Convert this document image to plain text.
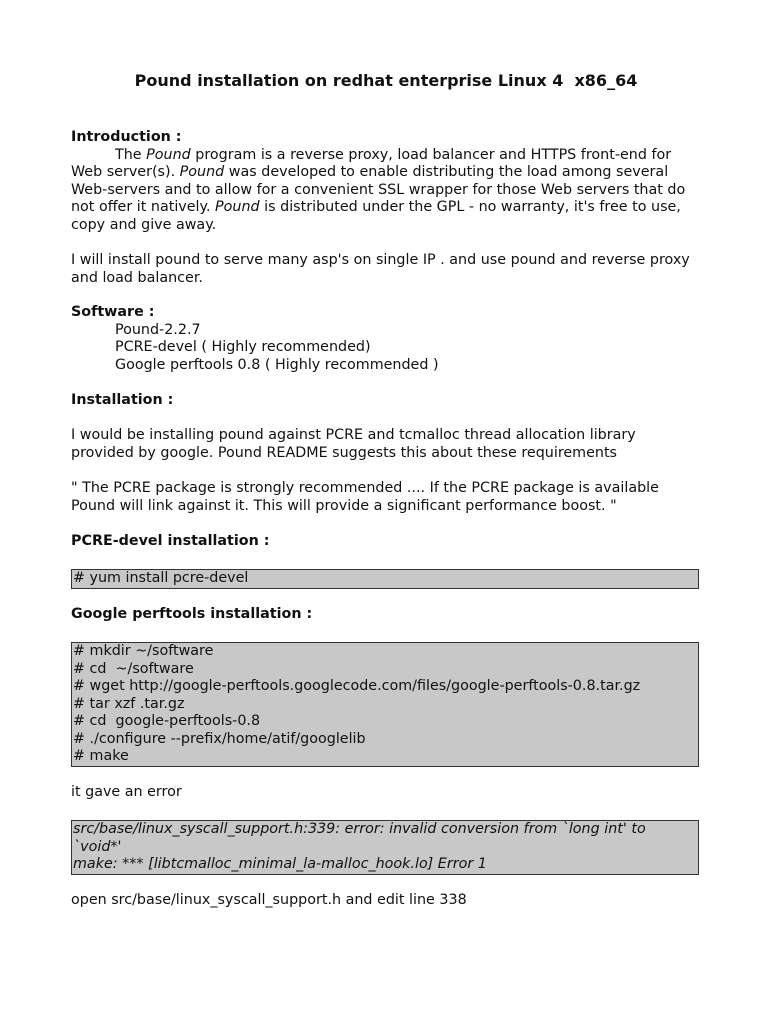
Pound installation on redhat enterprise Linux 4  x86_64
Introduction :

The Pound program is a reverse proxy, load balancer and HTTPS front-end for Web server(s). Pound was developed to enable distributing the load among several Web-servers and to allow for a convenient SSL wrapper for those Web servers that do not offer it natively. Pound is distributed under the GPL - no warranty, it's free to use, copy and give away.

I will install pound to serve many asp's on single IP . and use pound and reverse proxy and load balancer.

Software :
Pound-2.2.7
PCRE-devel ( Highly recommended)
Google perftools 0.8 ( Highly recommended )
Installation :

I would be installing pound against PCRE and tcmalloc thread allocation library provided by google. Pound README suggests this about these requirements

" The PCRE package is strongly recommended .... If the PCRE package is available Pound will link against it. This will provide a significant performance boost. "

PCRE-devel installation :
# yum install pcre-devel
Google perftools installation :
# mkdir ~/software
# cd  ~/software
# wget http://google-perftools.googlecode.com/files/google-perftools-0.8.tar.gz
# tar xzf .tar.gz
# cd  google-perftools-0.8
# ./configure --prefix/home/atif/googlelib
# make

it gave an error

src/base/linux_syscall_support.h:339: error: invalid conversion from `long int' to
`void*'
make: *** [libtcmalloc_minimal_la-malloc_hook.lo] Error 1

open src/base/linux_syscall_support.h and edit line 338
